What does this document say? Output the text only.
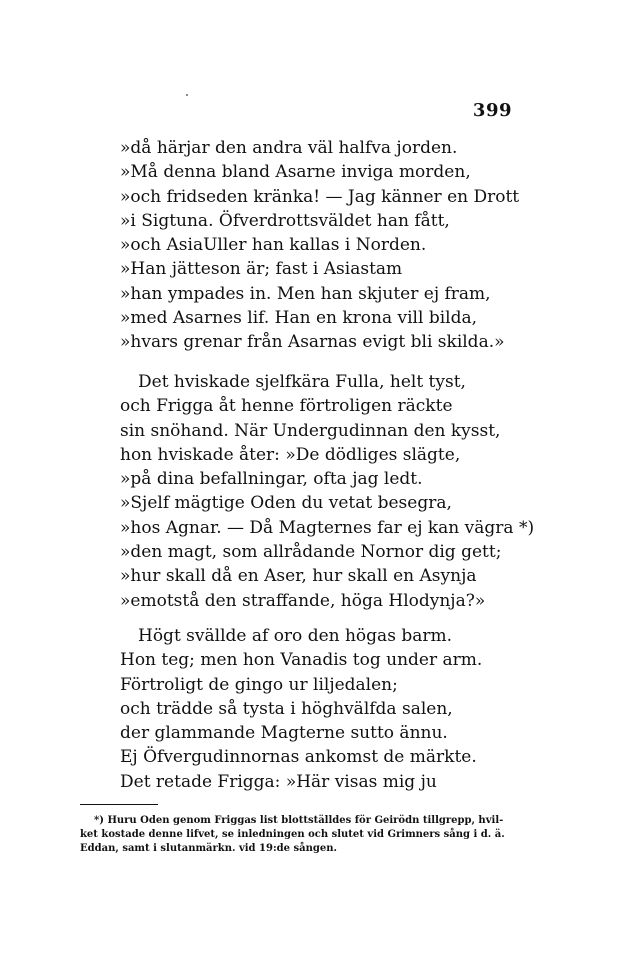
399
»då härjar den andra väl halfva jorden.
»Må denna bland Asarne inviga morden,
»och fridseden kränka! — Jag känner en Drott
»i Sigtuna. Öfverdrottsväldet han fått,
»och AsiaUller han kallas i Norden.
»Han jätteson är; fast i Asiastam
»han ympades in. Men han skjuter ej fram,
»med Asarnes lif. Han en krona vill bilda,
»hvars grenar från Asarnas evigt bli skilda.»
Det hviskade sjelfkära Fulla, helt tyst,
och Frigga åt henne förtroligen räckte
sin snöhand. När Undergudinnan den kysst,
hon hviskade åter: »De dödliges slägte,
»på dina befallningar, ofta jag ledt.
»Sjelf mägtige Oden du vetat besegra,
»hos Agnar. — Då Magternes far ej kan vägra *)
»den magt, som allrådande Nornor dig gett;
»hur skall då en Aser, hur skall en Asynja
»emotstå den straffande, höga Hlodynja?»
Högt svällde af oro den högas barm.
Hon teg; men hon Vanadis tog under arm.
Förtroligt de gingo ur liljedalen;
och trädde så tysta i höghvälfda salen,
der glammande Magterne sutto ännu.
Ej Öfvergudinnornas ankomst de märkte.
Det retade Frigga: »Här visas mig ju
*) Huru Oden genom Friggas list blottställdes för Geirödn tillgrepp, hvil-
ket kostade denne lifvet, se inledningen och slutet vid Grimners sång i d. ä.
Eddan, samt i slutanmärkn. vid 19:de sången.
